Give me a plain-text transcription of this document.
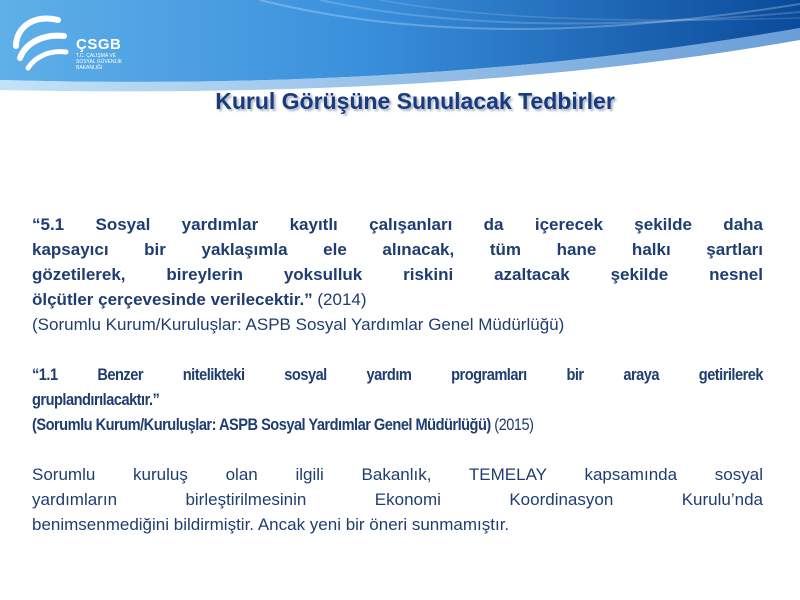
ÇSGB
T.C. ÇALIŞMA VE
SOSYAL GÜVENLİK
BAKANLIĞI
Kurul Görüşüne Sunulacak Tedbirler
“5.1 Sosyal yardımlar kayıtlı çalışanları da içerecek şekilde daha
kapsayıcı bir yaklaşımla ele alınacak, tüm hane halkı şartları
gözetilerek, bireylerin yoksulluk riskini azaltacak şekilde nesnel
ölçütler çerçevesinde verilecektir.” (2014)
(Sorumlu Kurum/Kuruluşlar: ASPB Sosyal Yardımlar Genel Müdürlüğü)
“1.1 Benzer nitelikteki sosyal yardım programları bir araya getirilerek
gruplandırılacaktır.”
(Sorumlu Kurum/Kuruluşlar: ASPB Sosyal Yardımlar Genel Müdürlüğü) (2015)
Sorumlu kuruluş olan ilgili Bakanlık, TEMELAY kapsamında sosyal
yardımların birleştirilmesinin Ekonomi Koordinasyon Kurulu’nda
benimsenmediğini bildirmiştir. Ancak yeni bir öneri sunmamıştır.
